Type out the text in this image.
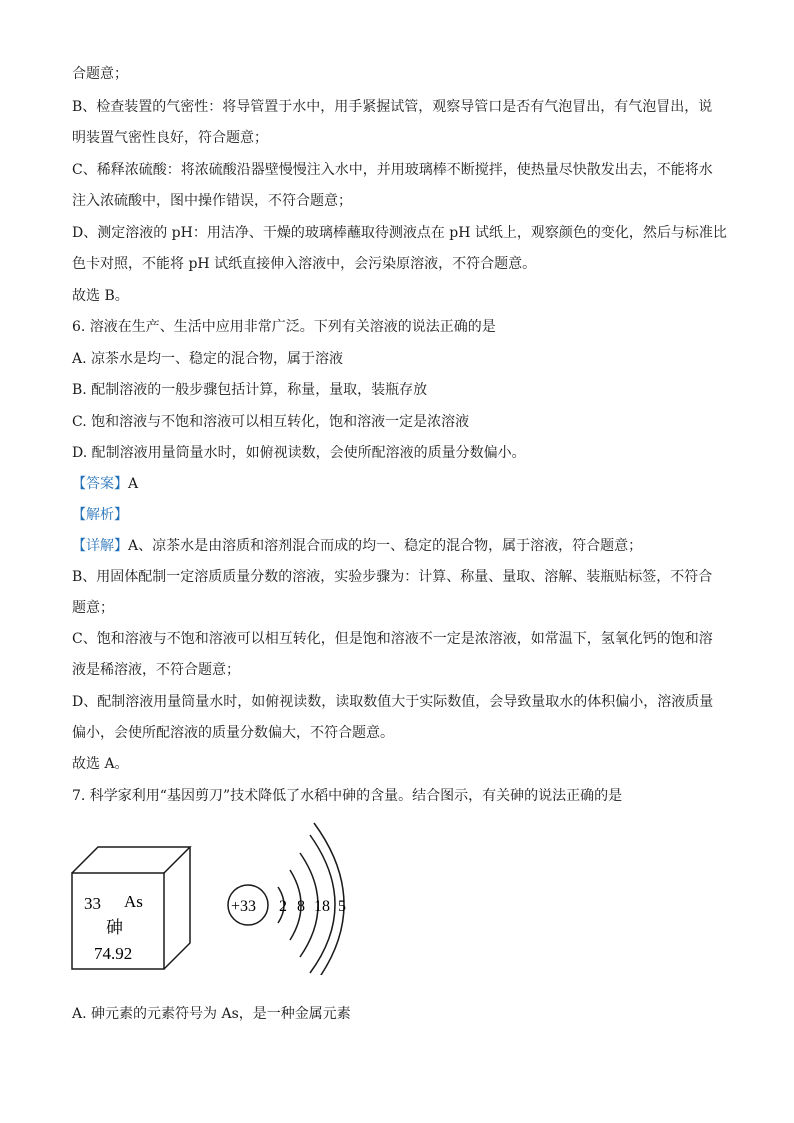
合题意；
B、检查装置的气密性：将导管置于水中，用手紧握试管，观察导管口是否有气泡冒出，有气泡冒出，说
明装置气密性良好，符合题意；
C、稀释浓硫酸：将浓硫酸沿器壁慢慢注入水中，并用玻璃棒不断搅拌，使热量尽快散发出去，不能将水
注入浓硫酸中，图中操作错误，不符合题意；
D、测定溶液的 pH：用洁净、干燥的玻璃棒蘸取待测液点在 pH 试纸上，观察颜色的变化，然后与标准比
色卡对照，不能将 pH 试纸直接伸入溶液中，会污染原溶液，不符合题意。
故选 B。
6. 溶液在生产、生活中应用非常广泛。下列有关溶液的说法正确的是
A. 凉茶水是均一、稳定的混合物，属于溶液
B. 配制溶液的一般步骤包括计算，称量，量取，装瓶存放
C. 饱和溶液与不饱和溶液可以相互转化，饱和溶液一定是浓溶液
D. 配制溶液用量筒量水时，如俯视读数，会使所配溶液的质量分数偏小。
【答案】A
【解析】
【详解】A、凉茶水是由溶质和溶剂混合而成的均一、稳定的混合物，属于溶液，符合题意；
B、用固体配制一定溶质质量分数的溶液，实验步骤为：计算、称量、量取、溶解、装瓶贴标签，不符合
题意；
C、饱和溶液与不饱和溶液可以相互转化，但是饱和溶液不一定是浓溶液，如常温下，氢氧化钙的饱和溶
液是稀溶液，不符合题意；
D、配制溶液用量筒量水时，如俯视读数，读取数值大于实际数值，会导致量取水的体积偏小，溶液质量
偏小，会使所配溶液的质量分数偏大，不符合题意。
故选 A。
7. 科学家利用“基因剪刀”技术降低了水稻中砷的含量。结合图示，有关砷的说法正确的是
33 As
砷
74.92
+33 2 8 18 5
A. 砷元素的元素符号为 As，是一种金属元素
